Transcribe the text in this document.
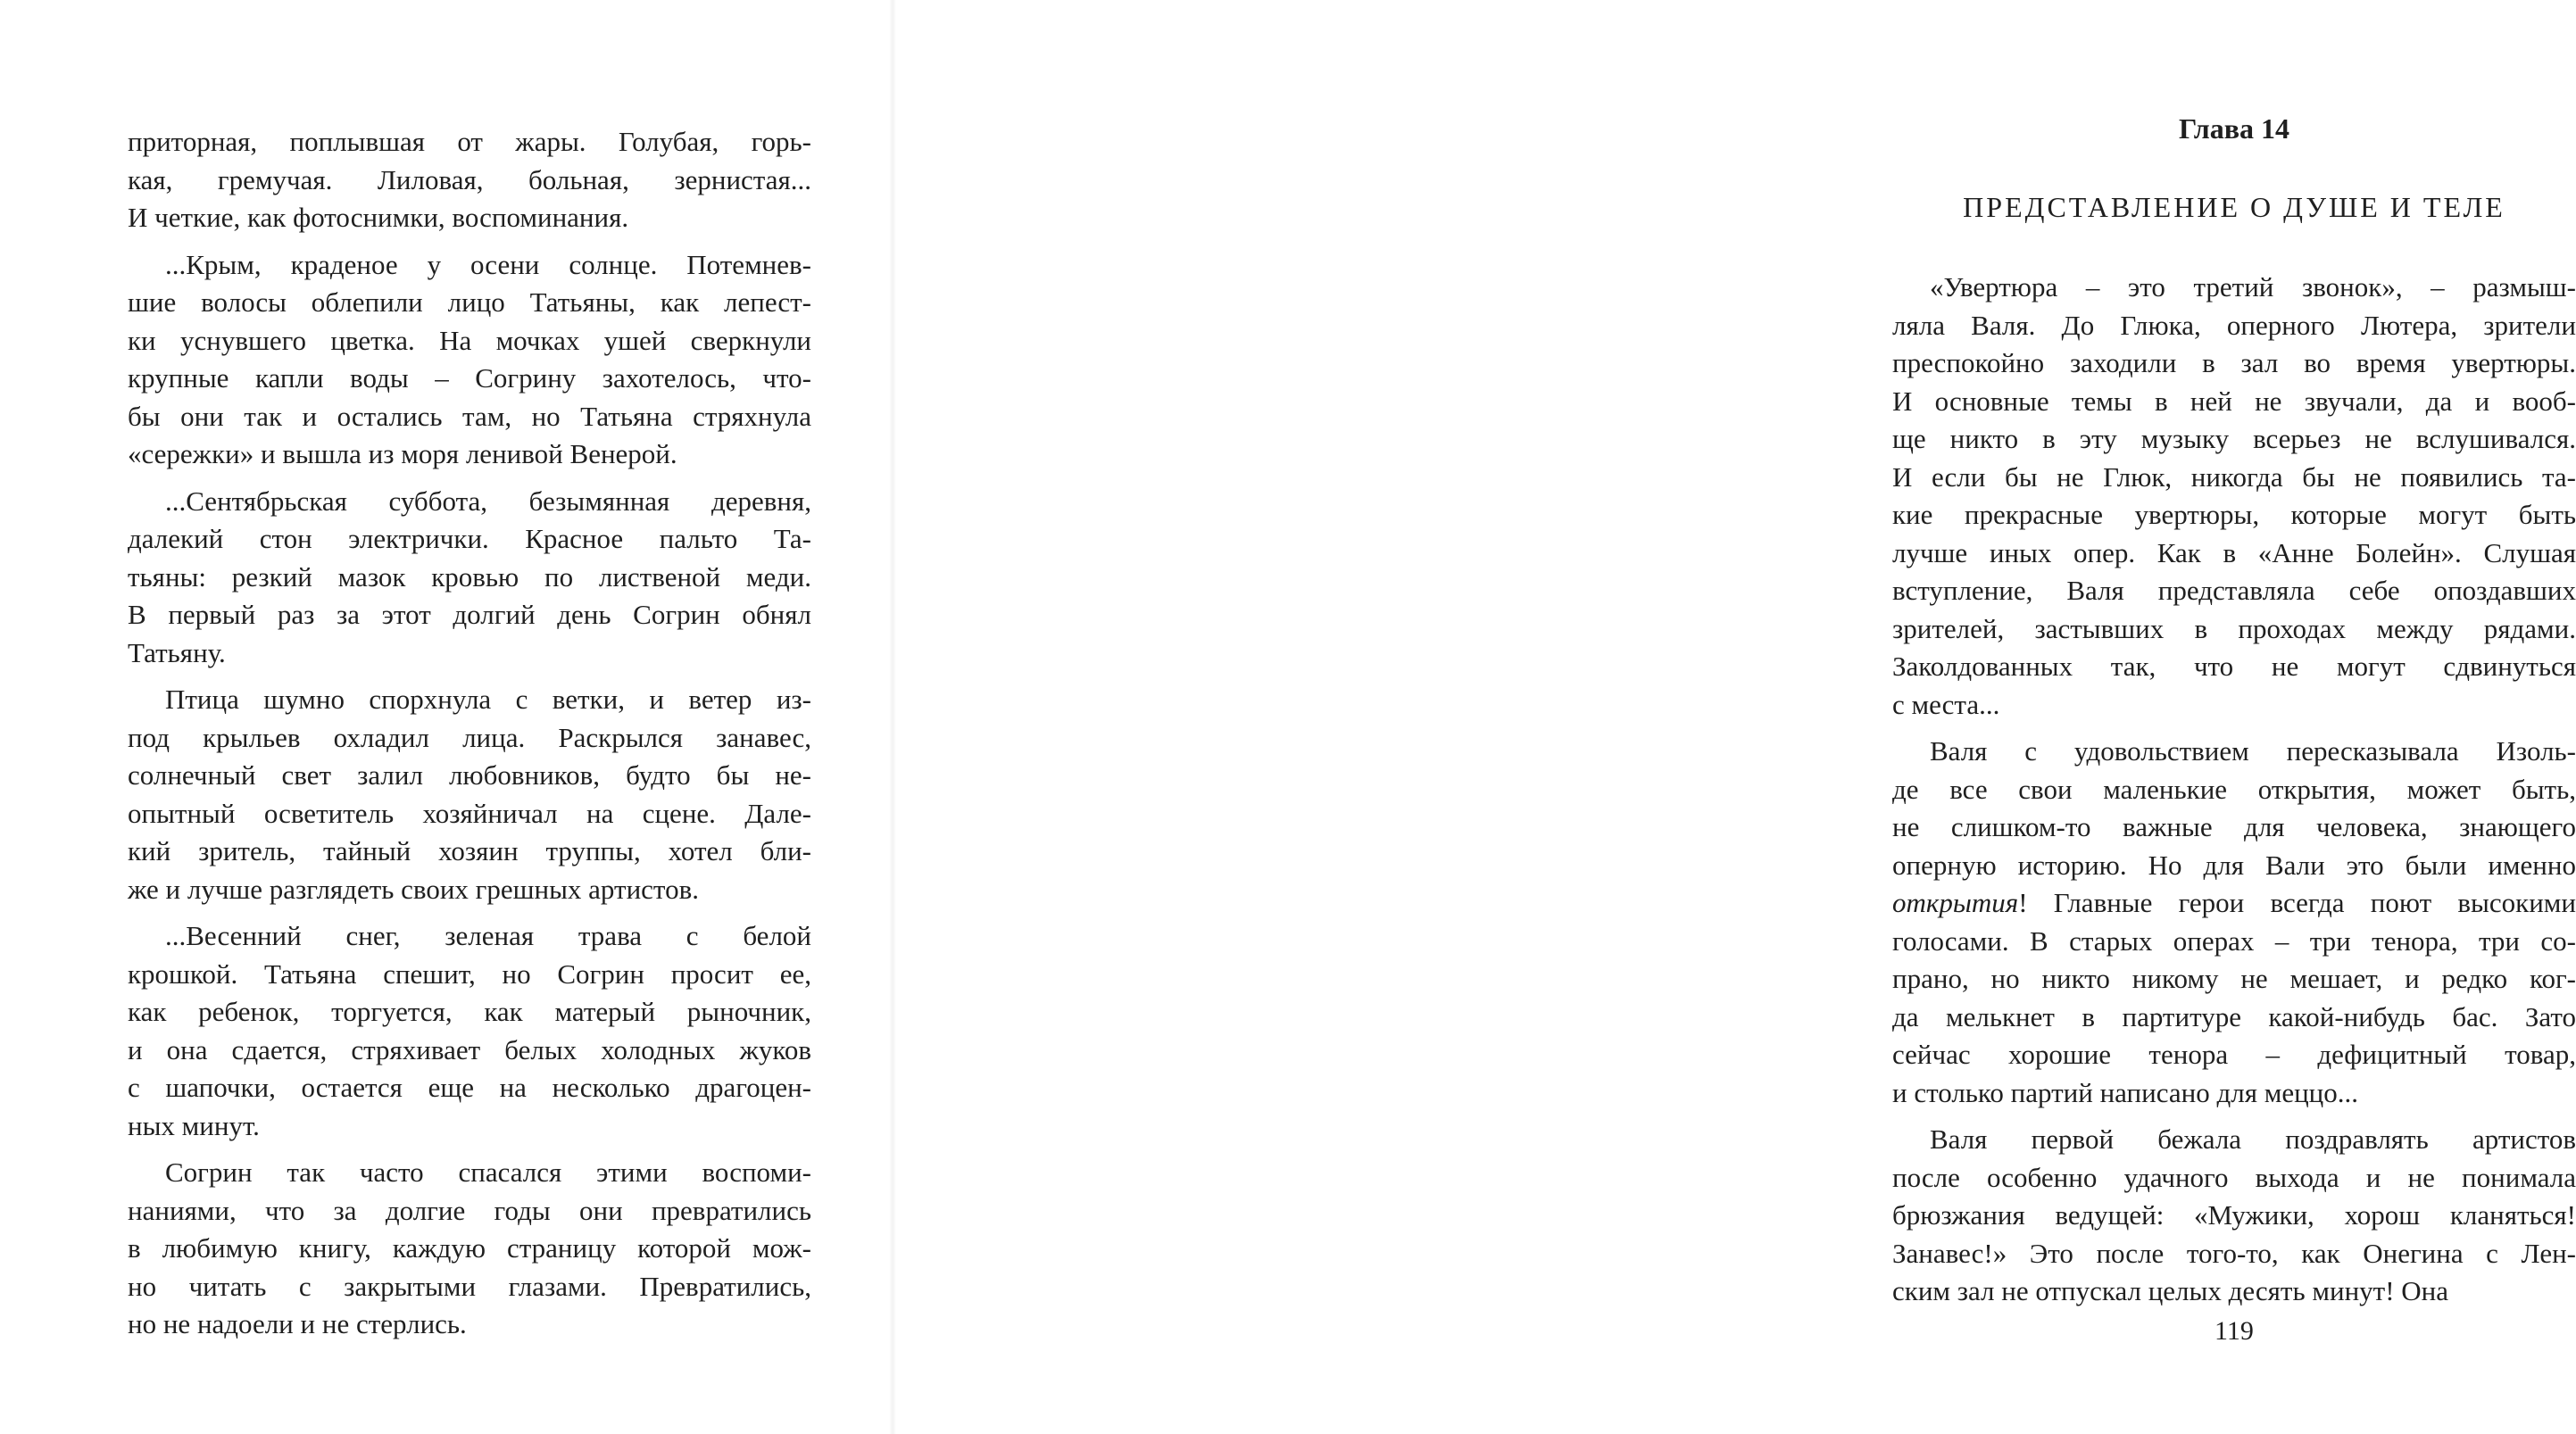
приторная, поплывшая от жары. Голубая, горь-
кая, гремучая. Лиловая, больная, зернистая...
И четкие, как фотоснимки, воспоминания.
...Крым, краденое у осени солнце. Потемнев-
шие волосы облепили лицо Татьяны, как лепест-
ки уснувшего цветка. На мочках ушей сверкнули
крупные капли воды – Согрину захотелось, что-
бы они так и остались там, но Татьяна стряхнула
«сережки» и вышла из моря ленивой Венерой.
...Сентябрьская суббота, безымянная деревня,
далекий стон электрички. Красное пальто Та-
тьяны: резкий мазок кровью по лиственой меди.
В первый раз за этот долгий день Согрин обнял
Татьяну.
Птица шумно спорхнула с ветки, и ветер из-
под крыльев охладил лица. Раскрылся занавес,
солнечный свет залил любовников, будто бы не-
опытный осветитель хозяйничал на сцене. Дале-
кий зритель, тайный хозяин труппы, хотел бли-
же и лучше разглядеть своих грешных артистов.
...Весенний снег, зеленая трава с белой
крошкой. Татьяна спешит, но Согрин просит ее,
как ребенок, торгуется, как матерый рыночник,
и она сдается, стряхивает белых холодных жуков
с шапочки, остается еще на несколько драгоцен-
ных минут.
Согрин так часто спасался этими воспоми-
наниями, что за долгие годы они превратились
в любимую книгу, каждую страницу которой мож-
но читать с закрытыми глазами. Превратились,
но не надоели и не стерлись.
Глава 14
ПРЕДСТАВЛЕНИЕ О ДУШЕ И ТЕЛЕ
«Увертюра – это третий звонок», – размыш-
ляла Валя. До Глюка, оперного Лютера, зрители
преспокойно заходили в зал во время увертюры.
И основные темы в ней не звучали, да и вооб-
ще никто в эту музыку всерьез не вслушивался.
И если бы не Глюк, никогда бы не появились та-
кие прекрасные увертюры, которые могут быть
лучше иных опер. Как в «Анне Болейн». Слушая
вступление, Валя представляла себе опоздавших
зрителей, застывших в проходах между рядами.
Заколдованных так, что не могут сдвинуться
с места...
Валя с удовольствием пересказывала Изоль-
де все свои маленькие открытия, может быть,
не слишком-то важные для человека, знающего
оперную историю. Но для Вали это были именно
открытия! Главные герои всегда поют высокими
голосами. В старых операх – три тенора, три со-
прано, но никто никому не мешает, и редко ког-
да мелькнет в партитуре какой-нибудь бас. Зато
сейчас хорошие тенора – дефицитный товар,
и столько партий написано для меццо...
Валя первой бежала поздравлять артистов
после особенно удачного выхода и не понимала
брюзжания ведущей: «Мужики, хорош кланяться!
Занавес!» Это после того-то, как Онегина с Лен-
ским зал не отпускал целых десять минут! Она
119
